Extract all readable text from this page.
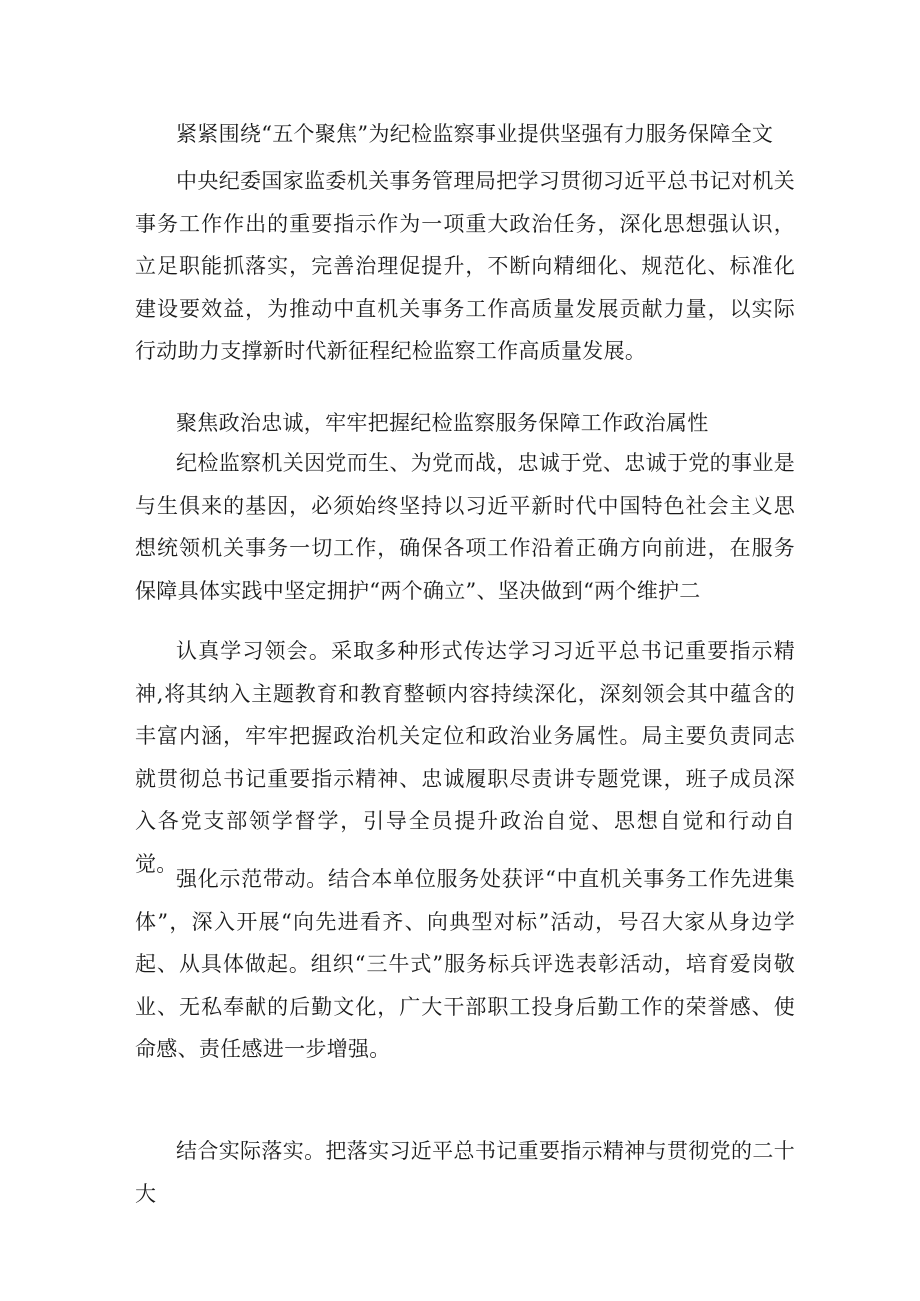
紧紧围绕“五个聚焦”为纪检监察事业提供坚强有力服务保障全文

中央纪委国家监委机关事务管理局把学习贯彻习近平总书记对机关事务工作作出的重要指示作为一项重大政治任务，深化思想强认识，立足职能抓落实，完善治理促提升，不断向精细化、规范化、标准化建设要效益，为推动中直机关事务工作高质量发展贡献力量，以实际行动助力支撑新时代新征程纪检监察工作高质量发展。

聚焦政治忠诚，牢牢把握纪检监察服务保障工作政治属性

纪检监察机关因党而生、为党而战，忠诚于党、忠诚于党的事业是与生俱来的基因，必须始终坚持以习近平新时代中国特色社会主义思想统领机关事务一切工作，确保各项工作沿着正确方向前进，在服务保障具体实践中坚定拥护“两个确立”、坚决做到“两个维护二

认真学习领会。采取多种形式传达学习习近平总书记重要指示精神,将其纳入主题教育和教育整顿内容持续深化，深刻领会其中蕴含的丰富内涵，牢牢把握政治机关定位和政治业务属性。局主要负责同志就贯彻总书记重要指示精神、忠诚履职尽责讲专题党课，班子成员深入各党支部领学督学，引导全员提升政治自觉、思想自觉和行动自觉。

强化示范带动。结合本单位服务处获评“中直机关事务工作先进集体”，深入开展“向先进看齐、向典型对标”活动，号召大家从身边学起、从具体做起。组织“三牛式”服务标兵评选表彰活动，培育爱岗敬业、无私奉献的后勤文化，广大干部职工投身后勤工作的荣誉感、使命感、责任感进一步增强。

结合实际落实。把落实习近平总书记重要指示精神与贯彻党的二十大
